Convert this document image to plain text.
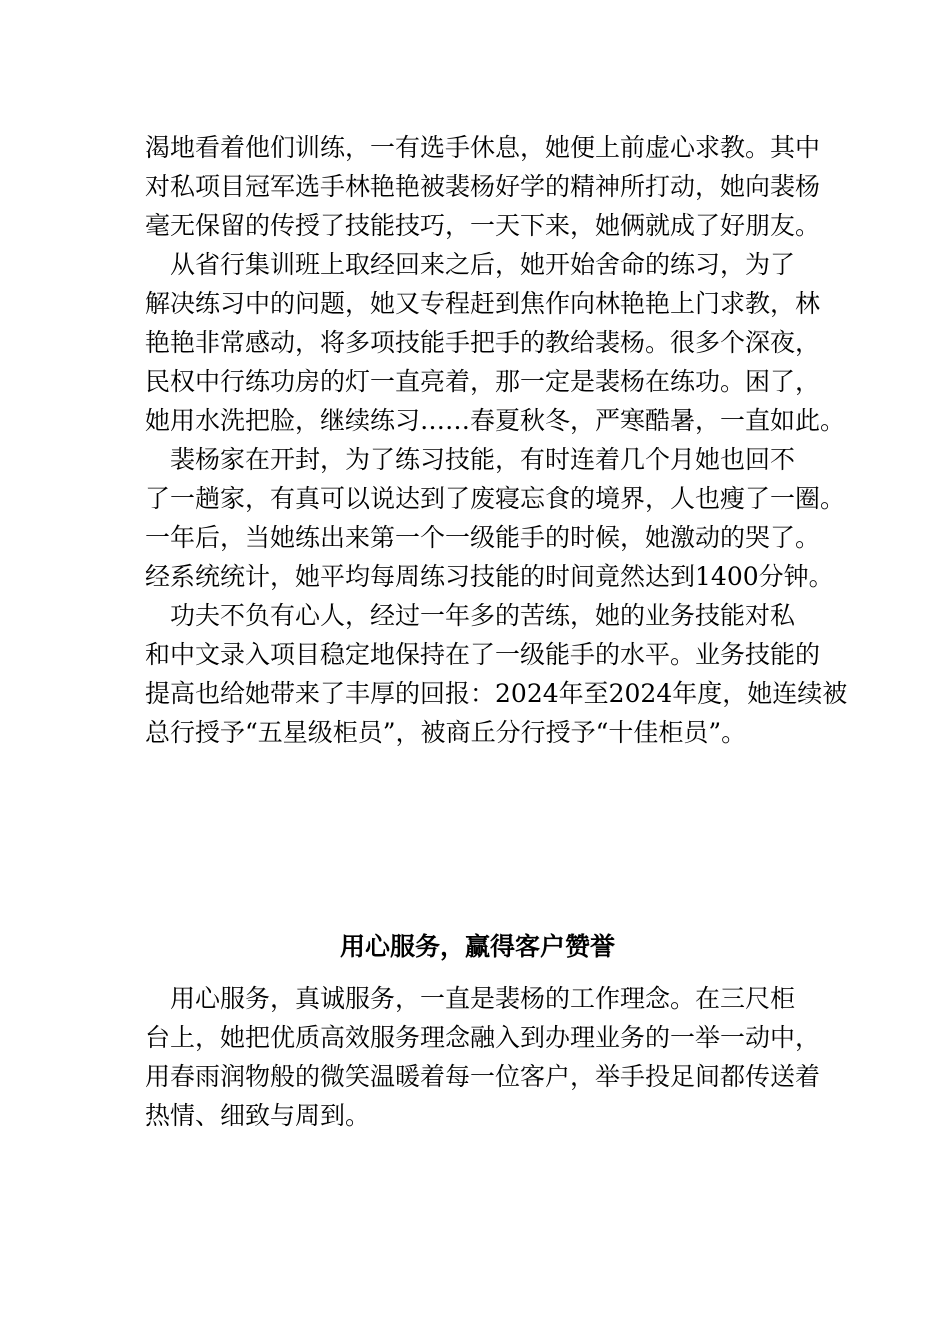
渴地看着他们训练，一有选手休息，她便上前虚心求教。其中
对私项目冠军选手林艳艳被裴杨好学的精神所打动，她向裴杨
毫无保留的传授了技能技巧，一天下来，她俩就成了好朋友。
　从省行集训班上取经回来之后，她开始舍命的练习，为了
解决练习中的问题，她又专程赶到焦作向林艳艳上门求教，林
艳艳非常感动，将多项技能手把手的教给裴杨。很多个深夜，
民权中行练功房的灯一直亮着，那一定是裴杨在练功。困了，
她用水洗把脸，继续练习……春夏秋冬，严寒酷暑，一直如此。
　裴杨家在开封，为了练习技能，有时连着几个月她也回不
了一趟家，有真可以说达到了废寝忘食的境界，人也瘦了一圈。
一年后，当她练出来第一个一级能手的时候，她激动的哭了。
经系统统计，她平均每周练习技能的时间竟然达到1400分钟。
　功夫不负有心人，经过一年多的苦练，她的业务技能对私
和中文录入项目稳定地保持在了一级能手的水平。业务技能的
提高也给她带来了丰厚的回报：2024年至2024年度，她连续被
总行授予“五星级柜员”，被商丘分行授予“十佳柜员”。
用心服务，赢得客户赞誉
　用心服务，真诚服务，一直是裴杨的工作理念。在三尺柜
台上，她把优质高效服务理念融入到办理业务的一举一动中，
用春雨润物般的微笑温暖着每一位客户，举手投足间都传送着
热情、细致与周到。
